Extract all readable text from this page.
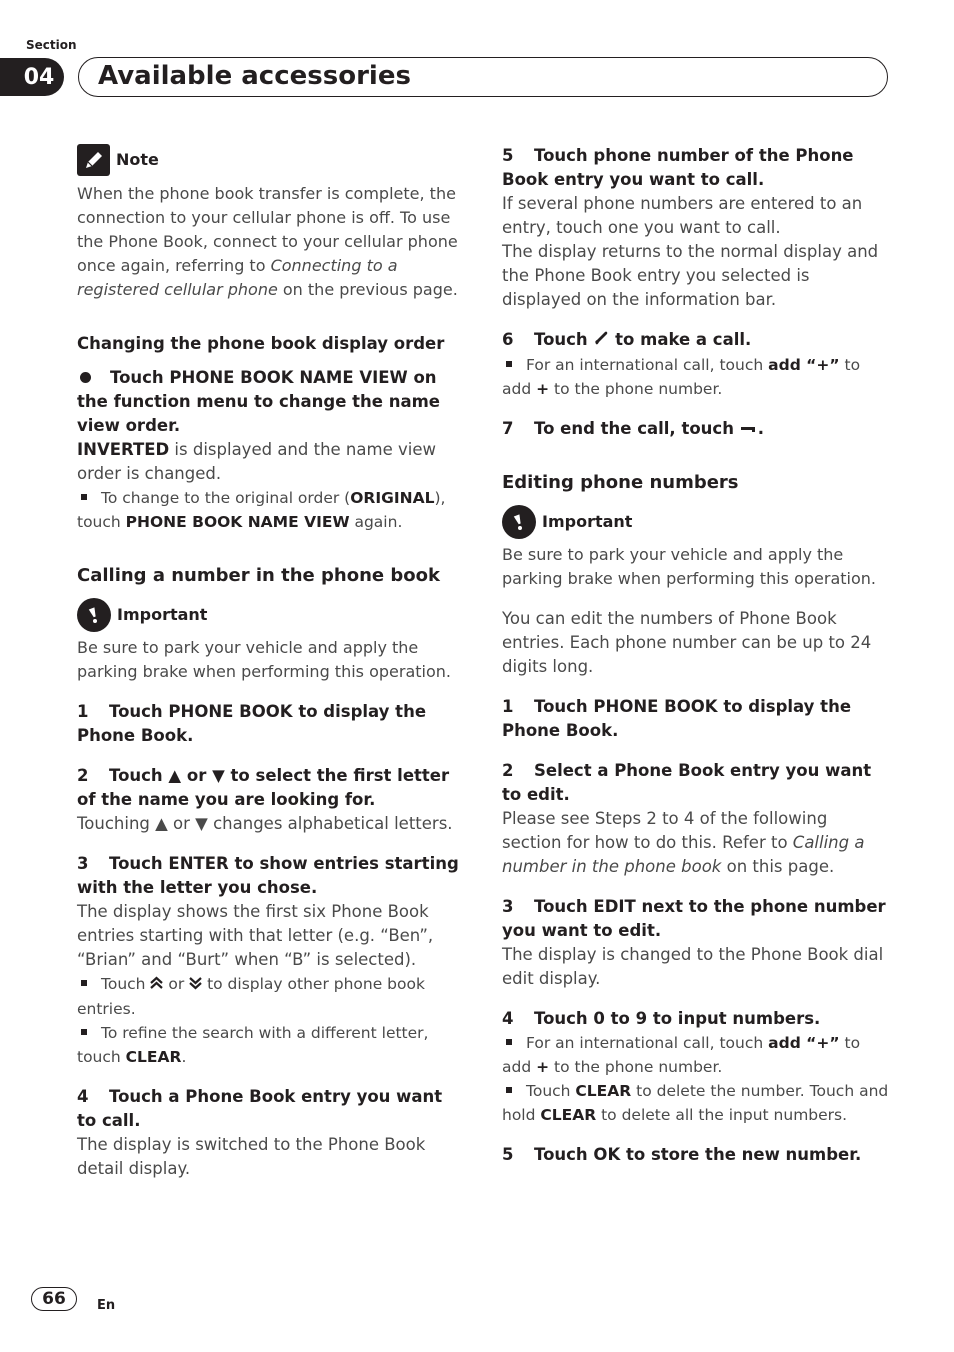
Section
04	Available accessories
Note

When the phone book transfer is complete, the connection to your cellular phone is off. To use the Phone Book, connect to your cellular phone once again, referring to Connecting to a registered cellular phone on the previous page.

Changing the phone book display order

Touch PHONE BOOK NAME VIEW on the function menu to change the name view order.

INVERTED is displayed and the name view order is changed.

To change to the original order (ORIGINAL), touch PHONE BOOK NAME VIEW again.

Calling a number in the phone book

Important

Be sure to park your vehicle and apply the parking brake when performing this operation.

1 Touch PHONE BOOK to display the Phone Book.

2 Touch ▲ or ▼ to select the first letter of the name you are looking for.

Touching ▲ or ▼ changes alphabetical letters.

3 Touch ENTER to show entries starting with the letter you chose.

The display shows the first six Phone Book entries starting with that letter (e.g. “Ben”, “Brian” and “Burt” when “B” is selected).

Touch  or  to display other phone book entries.

To refine the search with a different letter, touch CLEAR.

4 Touch a Phone Book entry you want to call.

The display is switched to the Phone Book detail display.

5 Touch phone number of the Phone Book entry you want to call.

If several phone numbers are entered to an entry, touch one you want to call.

The display returns to the normal display and the Phone Book entry you selected is displayed on the information bar.

6 Touch  to make a call.

For an international call, touch add “+” to add + to the phone number.

7 To end the call, touch .

Editing phone numbers

Important

Be sure to park your vehicle and apply the parking brake when performing this operation.

You can edit the numbers of Phone Book entries. Each phone number can be up to 24 digits long.

1 Touch PHONE BOOK to display the Phone Book.

2 Select a Phone Book entry you want to edit.

Please see Steps 2 to 4 of the following section for how to do this. Refer to Calling a number in the phone book on this page.

3 Touch EDIT next to the phone number you want to edit.

The display is changed to the Phone Book dial edit display.

4 Touch 0 to 9 to input numbers.

For an international call, touch add “+” to add + to the phone number.

Touch CLEAR to delete the number. Touch and hold CLEAR to delete all the input numbers.

5 Touch OK to store the new number.

66	En
